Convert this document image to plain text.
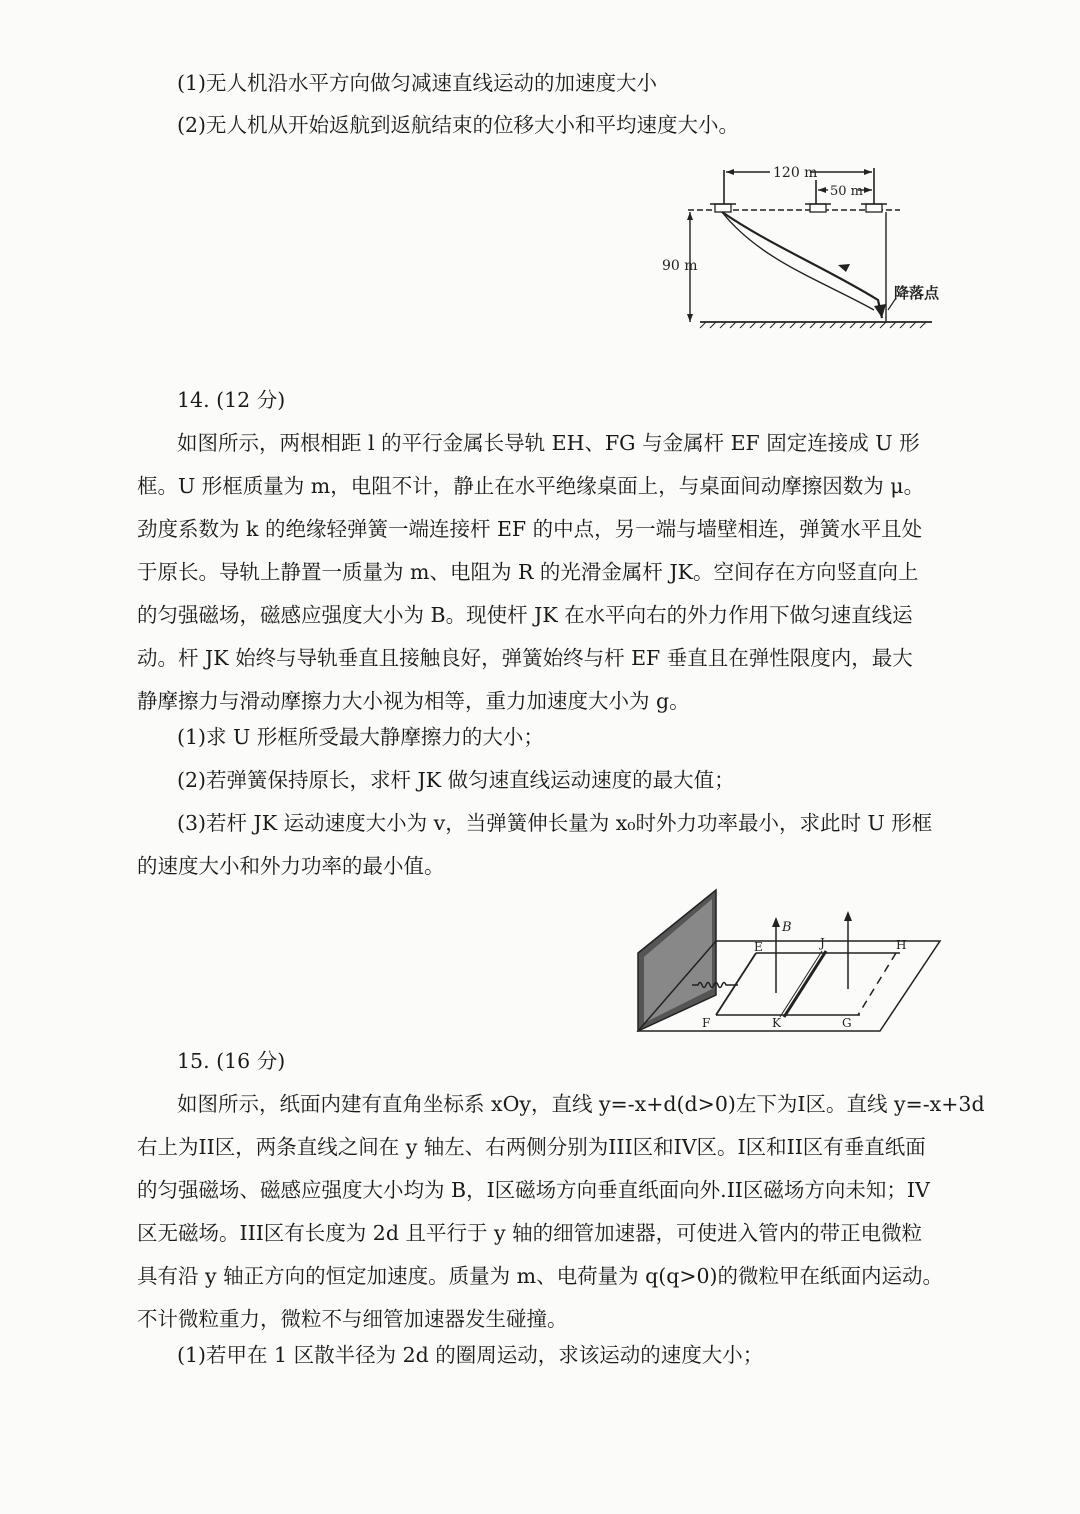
(1)无人机沿水平方向做匀减速直线运动的加速度大小
(2)无人机从开始返航到返航结束的位移大小和平均速度大小。
120 m
50 m
90 m
降落点
14. (12 分)
如图所示，两根相距 l 的平行金属长导轨 EH、FG 与金属杆 EF 固定连接成 U 形
框。U 形框质量为 m，电阻不计，静止在水平绝缘桌面上，与桌面间动摩擦因数为 μ。
劲度系数为 k 的绝缘轻弹簧一端连接杆 EF 的中点，另一端与墙壁相连，弹簧水平且处
于原长。导轨上静置一质量为 m、电阻为 R 的光滑金属杆 JK。空间存在方向竖直向上
的匀强磁场，磁感应强度大小为 B。现使杆 JK 在水平向右的外力作用下做匀速直线运
动。杆 JK 始终与导轨垂直且接触良好，弹簧始终与杆 EF 垂直且在弹性限度内，最大
静摩擦力与滑动摩擦力大小视为相等，重力加速度大小为 g。
(1)求 U 形框所受最大静摩擦力的大小；
(2)若弹簧保持原长，求杆 JK 做匀速直线运动速度的最大值；
(3)若杆 JK 运动速度大小为 v，当弹簧伸长量为 x₀时外力功率最小，求此时 U 形框
的速度大小和外力功率的最小值。
B
E	J	H
F	K	G
15. (16 分)
如图所示，纸面内建有直角坐标系 xOy，直线 y=-x+d(d>0)左下为I区。直线 y=-x+3d
右上为II区，两条直线之间在 y 轴左、右两侧分别为III区和IV区。I区和II区有垂直纸面
的匀强磁场、磁感应强度大小均为 B，I区磁场方向垂直纸面向外.II区磁场方向未知；IV
区无磁场。III区有长度为 2d 且平行于 y 轴的细管加速器，可使进入管内的带正电微粒
具有沿 y 轴正方向的恒定加速度。质量为 m、电荷量为 q(q>0)的微粒甲在纸面内运动。
不计微粒重力，微粒不与细管加速器发生碰撞。
(1)若甲在 1 区散半径为 2d 的圈周运动，求该运动的速度大小；
